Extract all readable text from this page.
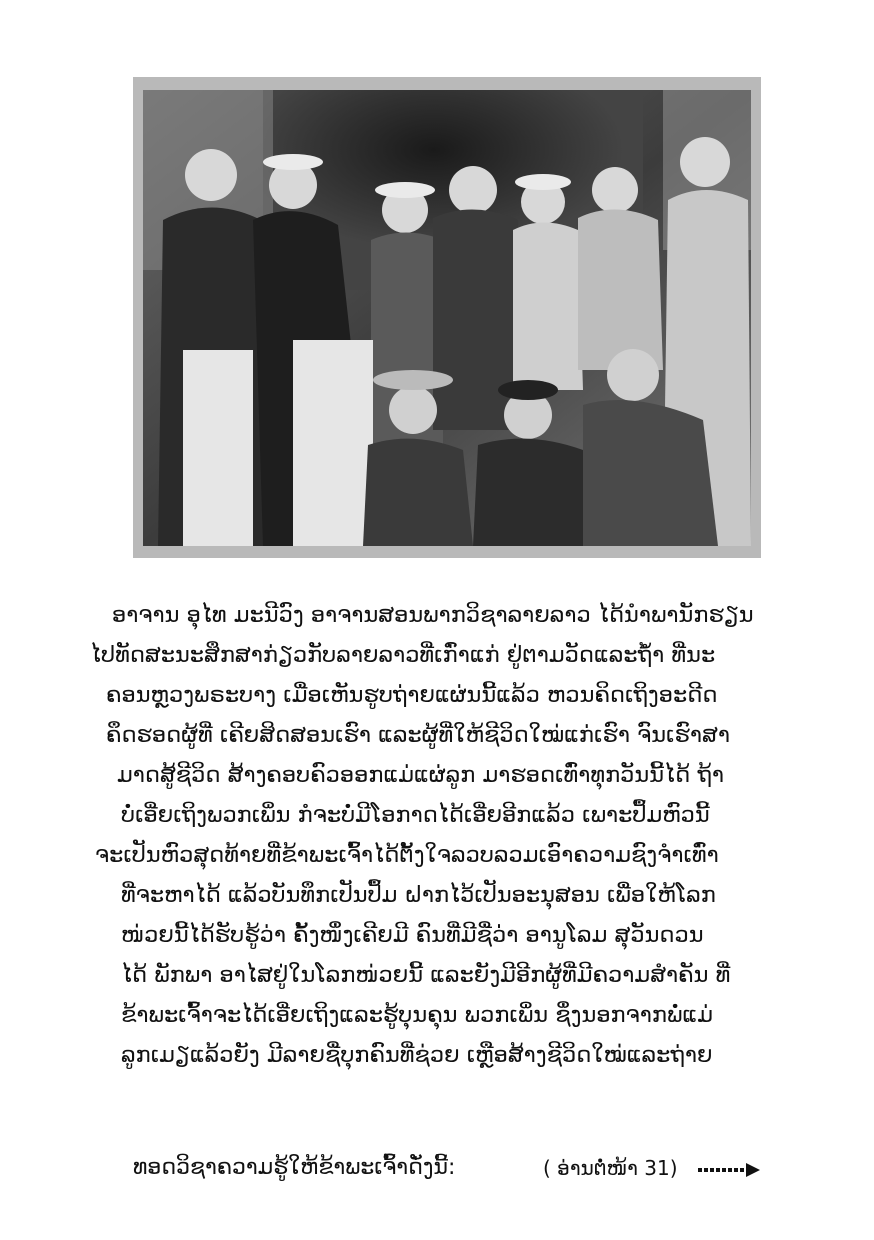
ອາຈານ ອຸໄທ ມະນີວົງ ອາຈານສອນພາກວິຊາລາຍລາວ ໄດ້ນຳພານັກຮຽນ
ໄປທັດສະນະສຶກສາກ່ຽວກັບລາຍລາວທີ່ເກົ່າແກ່ ຢູ່ຕາມວັດແລະຖ້ຳ ທີ່ນະ
ຄອນຫຼວງພຣະບາງ ເມື່ອເຫັນຮູບຖ່າຍແຜ່ນນີ້ແລ້ວ ຫວນຄິດເຖິງອະດີດ
ຄຶດຮອດຜູ້ທີ່ ເຄີຍສິດສອນເຮົາ ແລະຜູ້ທີ່ໃຫ້ຊີວິດໃໝ່ແກ່ເຮົາ ຈົນເຮົາສາ
ມາດສູ້ຊີວິດ ສ້າງຄອບຄົວອອກແມ່ແຜ່ລູກ ມາຮອດເທົ່າທຸກວັນນີ້ໄດ້ ຖ້າ
ບໍ່ເອີ່ຍເຖິງພວກເພິ່ນ ກໍຈະບໍ່ມີໂອກາດໄດ້ເອີ່ຍອີກແລ້ວ ເພາະປຶ້ມຫົວນີ້
ຈະເປັນຫົວສຸດທ້າຍທີ່ຂ້າພະເຈົ້າໄດ້ຕັ້ງໃຈລວບລວມເອົາຄວາມຊົງຈຳເທົ່າ
ທີ່ຈະຫາໄດ້ ແລ້ວບັນທຶກເປັນປຶ້ມ ຝາກໄວ້ເປັນອະນຸສອນ ເພື່ອໃຫ້ໂລກ
ໜ່ວຍນີ້ໄດ້ຮັບຮູ້ວ່າ ຄັ້ງໜຶ່ງເຄີຍມີ ຄົນທີ່ມີຊື່ວ່າ ອານູໂລມ ສຸວັນດວນ
ໄດ້ ພັກພາ ອາໄສຢູ່ໃນໂລກໜ່ວຍນີ້ ແລະຍັງມີອີກຜູ້ທີ່ມີຄວາມສຳຄັນ ທີ່
ຂ້າພະເຈົ້າຈະໄດ້ເອີ່ຍເຖິງແລະຮູ້ບຸນຄຸນ ພວກເພິ່ນ ຊຶ່ງນອກຈາກພໍ່ແມ່
ລູກເມຽແລ້ວຍັງ ມີລາຍຊື່ບຸກຄົນທີ່ຊ່ວຍ ເຫຼືອສ້າງຊີວິດໃໝ່ແລະຖ່າຍ
ທອດວິຊາຄວາມຮູ້ໃຫ້ຂ້າພະເຈົ້າດັ່ງນີ້:	( ອ່ານຕໍ່ໜ້າ 31)
